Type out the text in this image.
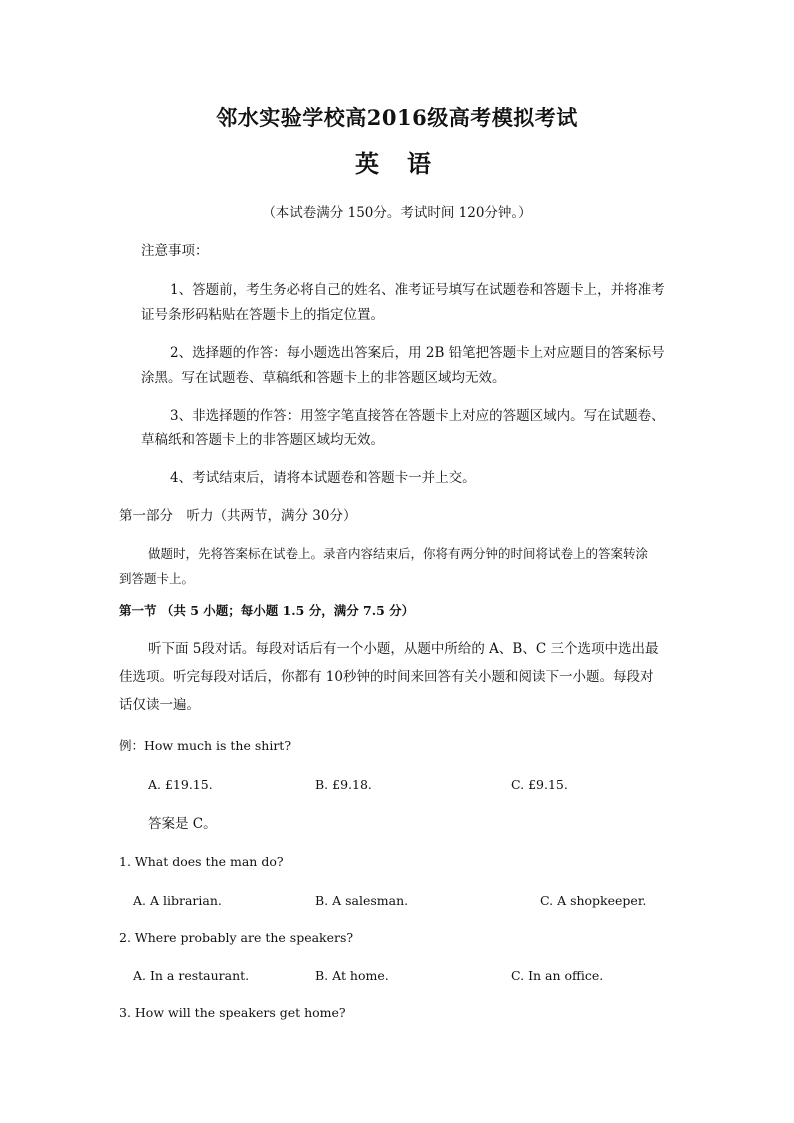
邻水实验学校高2016级高考模拟考试
英语
（本试卷满分 150分。考试时间 120分钟。）
注意事项：
1、答题前，考生务必将自己的姓名、准考证号填写在试题卷和答题卡上，并将准考
证号条形码粘贴在答题卡上的指定位置。
2、选择题的作答：每小题选出答案后，用 2B 铅笔把答题卡上对应题目的答案标号
涂黑。写在试题卷、草稿纸和答题卡上的非答题区域均无效。
3、非选择题的作答：用签字笔直接答在答题卡上对应的答题区域内。写在试题卷、
草稿纸和答题卡上的非答题区域均无效。
4、考试结束后，请将本试题卷和答题卡一并上交。
第一部分　听力（共两节，满分 30分）
做题时，先将答案标在试卷上。录音内容结束后，你将有两分钟的时间将试卷上的答案转涂
到答题卡上。
第一节 （共 5 小题；每小题 1.5 分，满分 7.5 分）
听下面 5段对话。每段对话后有一个小题，从题中所给的 A、B、C 三个选项中选出最
佳选项。听完每段对话后，你都有 10秒钟的时间来回答有关小题和阅读下一小题。每段对
话仅读一遍。
例：How much is the shirt?
A. £19.15.	B. £9.18.	C. £9.15.
答案是 C。
1. What does the man do?
A. A librarian.	B. A salesman.	C. A shopkeeper.
2. Where probably are the speakers?
A. In a restaurant.	B. At home.	C. In an office.
3. How will the speakers get home?
